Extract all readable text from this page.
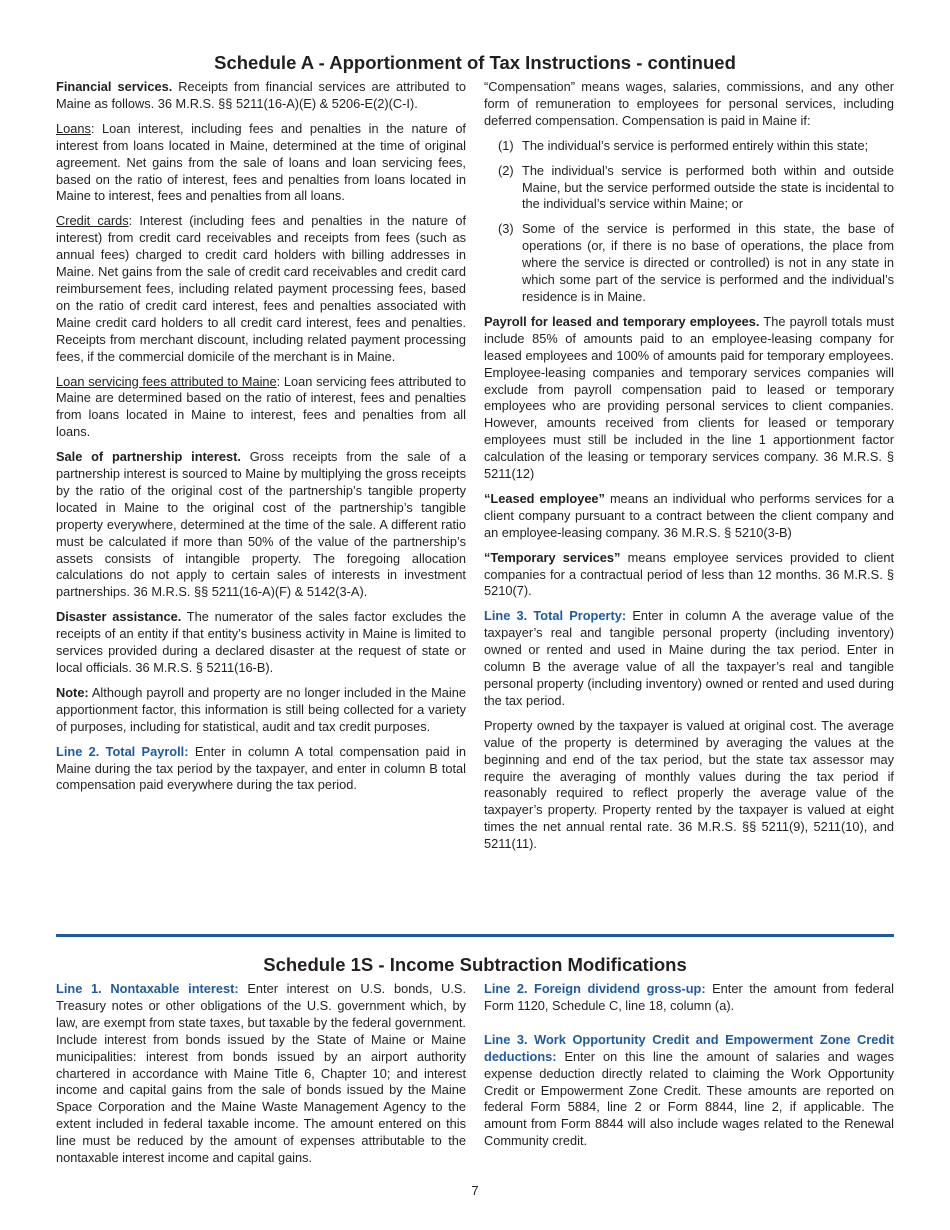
Schedule A - Apportionment of Tax Instructions - continued

Financial services. Receipts from financial services are attributed to Maine as follows. 36 M.R.S. §§ 5211(16-A)(E) & 5206-E(2)(C-I).

Loans: Loan interest, including fees and penalties in the nature of interest from loans located in Maine, determined at the time of original agreement. Net gains from the sale of loans and loan servicing fees, based on the ratio of interest, fees and penalties from loans located in Maine to interest, fees and penalties from all loans.

Credit cards: Interest (including fees and penalties in the nature of interest) from credit card receivables and receipts from fees (such as annual fees) charged to credit card holders with billing addresses in Maine. Net gains from the sale of credit card receivables and credit card reimbursement fees, including related payment processing fees, based on the ratio of credit card interest, fees and penalties associated with Maine credit card holders to all credit card interest, fees and penalties. Receipts from merchant discount, including related payment processing fees, if the commercial domicile of the merchant is in Maine.

Loan servicing fees attributed to Maine: Loan servicing fees attributed to Maine are determined based on the ratio of interest, fees and penalties from loans located in Maine to interest, fees and penalties from all loans.

Sale of partnership interest. Gross receipts from the sale of a partnership interest is sourced to Maine by multiplying the gross receipts by the ratio of the original cost of the partnership’s tangible property located in Maine to the original cost of the partnership’s tangible property everywhere, determined at the time of the sale. A different ratio must be calculated if more than 50% of the value of the partnership’s assets consists of intangible property. The foregoing allocation calculations do not apply to certain sales of interests in investment partnerships. 36 M.R.S. §§ 5211(16-A)(F) & 5142(3-A).

Disaster assistance. The numerator of the sales factor excludes the receipts of an entity if that entity’s business activity in Maine is limited to services provided during a declared disaster at the request of state or local officials. 36 M.R.S. § 5211(16-B).

Note: Although payroll and property are no longer included in the Maine apportionment factor, this information is still being collected for a variety of purposes, including for statistical, audit and tax credit purposes.

Line 2. Total Payroll: Enter in column A total compensation paid in Maine during the tax period by the taxpayer, and enter in column B total compensation paid everywhere during the tax period.

“Compensation” means wages, salaries, commissions, and any other form of remuneration to employees for personal services, including deferred compensation. Compensation is paid in Maine if:

(1) The individual’s service is performed entirely within this state;
(2) The individual’s service is performed both within and outside Maine, but the service performed outside the state is incidental to the individual’s service within Maine; or
(3) Some of the service is performed in this state, the base of operations (or, if there is no base of operations, the place from where the service is directed or controlled) is not in any state in which some part of the service is performed and the individual’s residence is in Maine.

Payroll for leased and temporary employees. The payroll totals must include 85% of amounts paid to an employee-leasing company for leased employees and 100% of amounts paid for temporary employees. Employee-leasing companies and temporary services companies will exclude from payroll compensation paid to leased or temporary employees who are providing personal services to client companies. However, amounts received from clients for leased or temporary employees must still be included in the line 1 apportionment factor calculation of the leasing or temporary services company. 36 M.R.S. § 5211(12)

“Leased employee” means an individual who performs services for a client company pursuant to a contract between the client company and an employee-leasing company. 36 M.R.S. § 5210(3-B)

“Temporary services” means employee services provided to client companies for a contractual period of less than 12 months. 36 M.R.S. § 5210(7).

Line 3. Total Property: Enter in column A the average value of the taxpayer’s real and tangible personal property (including inventory) owned or rented and used in Maine during the tax period. Enter in column B the average value of all the taxpayer’s real and tangible personal property (including inventory) owned or rented and used during the tax period.

Property owned by the taxpayer is valued at original cost. The average value of the property is determined by averaging the values at the beginning and end of the tax period, but the state tax assessor may require the averaging of monthly values during the tax period if reasonably required to reflect properly the average value of the taxpayer’s property. Property rented by the taxpayer is valued at eight times the net annual rental rate. 36 M.R.S. §§ 5211(9), 5211(10), and 5211(11).

Schedule 1S - Income Subtraction Modifications

Line 1. Nontaxable interest: Enter interest on U.S. bonds, U.S. Treasury notes or other obligations of the U.S. government which, by law, are exempt from state taxes, but taxable by the federal government. Include interest from bonds issued by the State of Maine or Maine municipalities: interest from bonds issued by an airport authority chartered in accordance with Maine Title 6, Chapter 10; and interest income and capital gains from the sale of bonds issued by the Maine Space Corporation and the Maine Waste Management Agency to the extent included in federal taxable income. The amount entered on this line must be reduced by the amount of expenses attributable to the nontaxable interest income and capital gains.

Line 2. Foreign dividend gross-up: Enter the amount from federal Form 1120, Schedule C, line 18, column (a).

Line 3. Work Opportunity Credit and Empowerment Zone Credit deductions: Enter on this line the amount of salaries and wages expense deduction directly related to claiming the Work Opportunity Credit or Empowerment Zone Credit. These amounts are reported on federal Form 5884, line 2 or Form 8844, line 2, if applicable. The amount from Form 8844 will also include wages related to the Renewal Community credit.

7
